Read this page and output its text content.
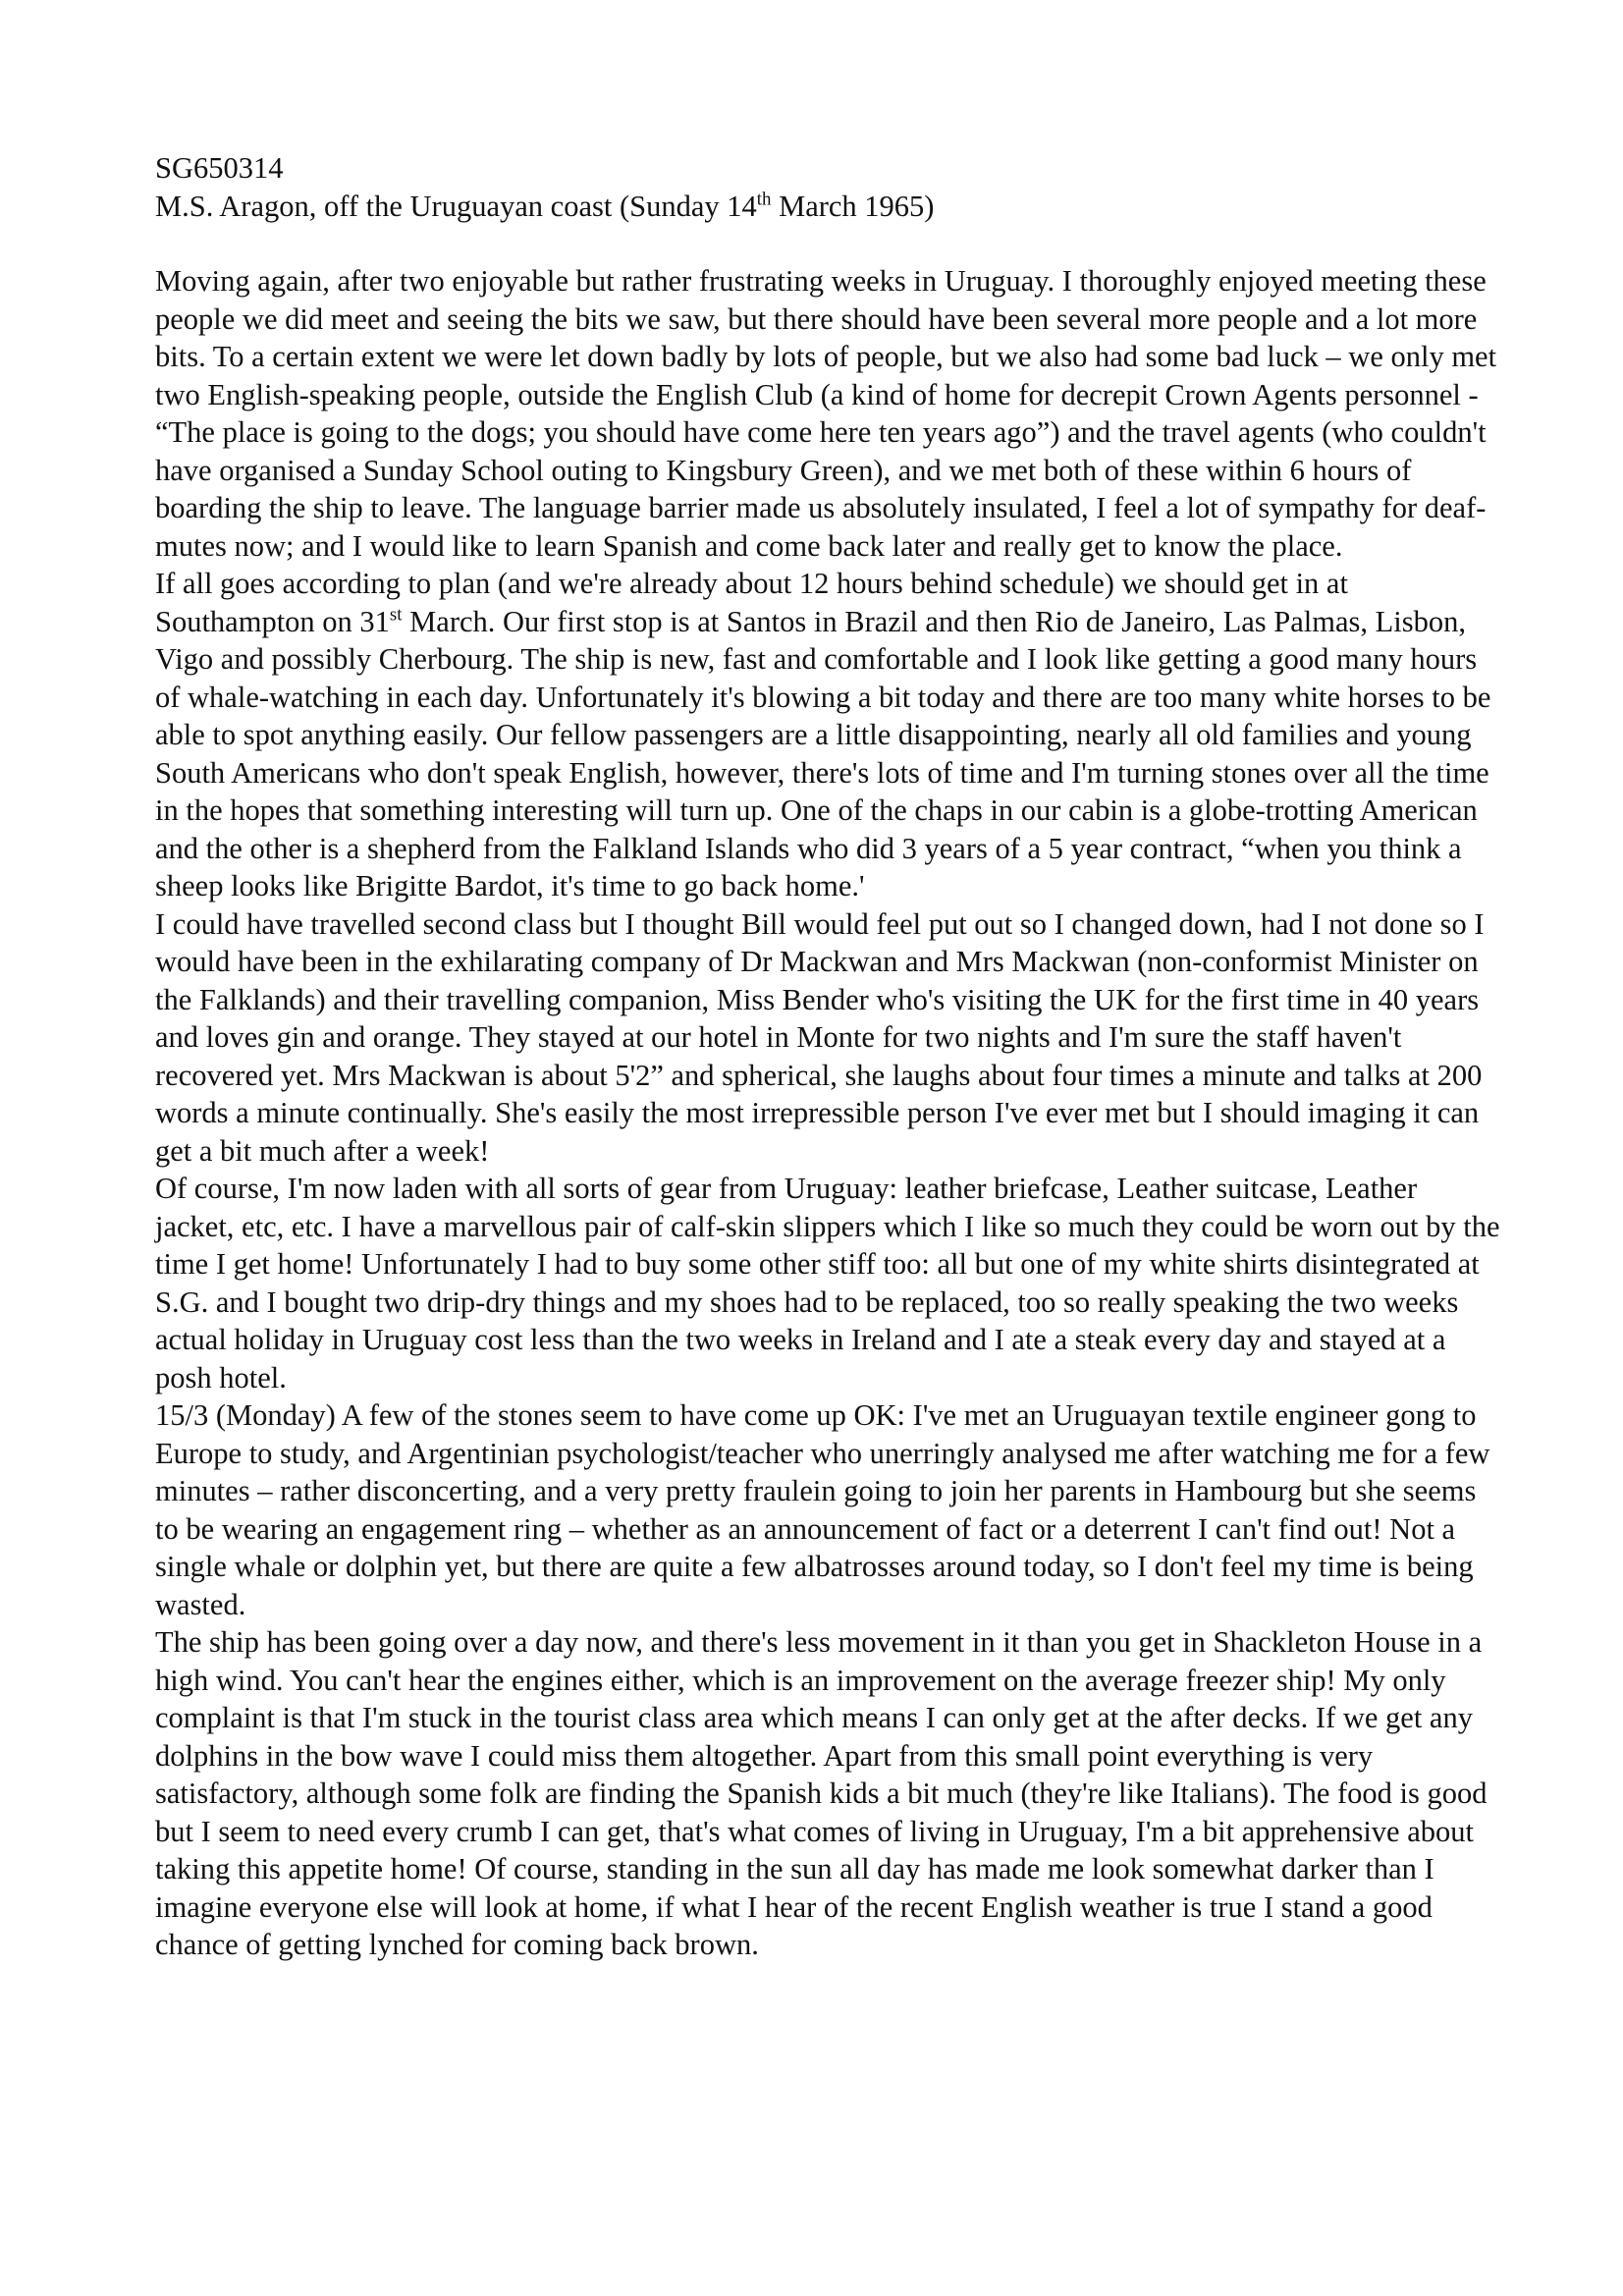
SG650314

M.S. Aragon, off the Uruguayan coast (Sunday 14th March 1965)

Moving again, after two enjoyable but rather frustrating weeks in Uruguay. I thoroughly enjoyed meeting these people we did meet and seeing the bits we saw, but there should have been several more people and a lot more bits. To a certain extent we were let down badly by lots of people, but we also had some bad luck – we only met two English-speaking people, outside the English Club (a kind of home for decrepit Crown Agents personnel - “The place is going to the dogs; you should have come here ten years ago”) and the travel agents (who couldn't have organised a Sunday School outing to Kingsbury Green), and we met both of these within 6 hours of boarding the ship to leave. The language barrier made us absolutely insulated, I feel a lot of sympathy for deaf-mutes now; and I would like to learn Spanish and come back later and really get to know the place.

If all goes according to plan (and we're already about 12 hours behind schedule) we should get in at Southampton on 31st March. Our first stop is at Santos in Brazil and then Rio de Janeiro, Las Palmas, Lisbon, Vigo and possibly Cherbourg. The ship is new, fast and comfortable and I look like getting a good many hours of whale-watching in each day. Unfortunately it's blowing a bit today and there are too many white horses to be able to spot anything easily. Our fellow passengers are a little disappointing, nearly all old families and young South Americans who don't speak English, however, there's lots of time and I'm turning stones over all the time in the hopes that something interesting will turn up. One of the chaps in our cabin is a globe-trotting American and the other is a shepherd from the Falkland Islands who did 3 years of a 5 year contract, “when you think a sheep looks like Brigitte Bardot, it's time to go back home.'

I could have travelled second class but I thought Bill would feel put out so I changed down, had I not done so I would have been in the exhilarating company of Dr Mackwan and Mrs Mackwan (non-conformist Minister on the Falklands) and their travelling companion, Miss Bender who's visiting the UK for the first time in 40 years and loves gin and orange. They stayed at our hotel in Monte for two nights and I'm sure the staff haven't recovered yet. Mrs Mackwan is about 5'2” and spherical, she laughs about four times a minute and talks at 200 words a minute continually. She's easily the most irrepressible person I've ever met but I should imaging it can get a bit much after a week!

Of course, I'm now laden with all sorts of gear from Uruguay: leather briefcase, Leather suitcase, Leather jacket, etc, etc. I have a marvellous pair of calf-skin slippers which I like so much they could be worn out by the time I get home! Unfortunately I had to buy some other stiff too: all but one of my white shirts disintegrated at S.G. and I bought two drip-dry things and my shoes had to be replaced, too so really speaking the two weeks actual holiday in Uruguay cost less than the two weeks in Ireland and I ate a steak every day and stayed at a posh hotel.

15/3 (Monday) A few of the stones seem to have come up OK: I've met an Uruguayan textile engineer gong to Europe to study, and Argentinian psychologist/teacher who unerringly analysed me after watching me for a few minutes – rather disconcerting, and a very pretty fraulein going to join her parents in Hambourg but she seems to be wearing an engagement ring – whether as an announcement of fact or a deterrent I can't find out! Not a single whale or dolphin yet, but there are quite a few albatrosses around today, so I don't feel my time is being wasted.

The ship has been going over a day now, and there's less movement in it than you get in Shackleton House in a high wind. You can't hear the engines either, which is an improvement on the average freezer ship! My only complaint is that I'm stuck in the tourist class area which means I can only get at the after decks. If we get any dolphins in the bow wave I could miss them altogether. Apart from this small point everything is very satisfactory, although some folk are finding the Spanish kids a bit much (they're like Italians). The food is good but I seem to need every crumb I can get, that's what comes of living in Uruguay, I'm a bit apprehensive about taking this appetite home! Of course, standing in the sun all day has made me look somewhat darker than I imagine everyone else will look at home, if what I hear of the recent English weather is true I stand a good chance of getting lynched for coming back brown.
